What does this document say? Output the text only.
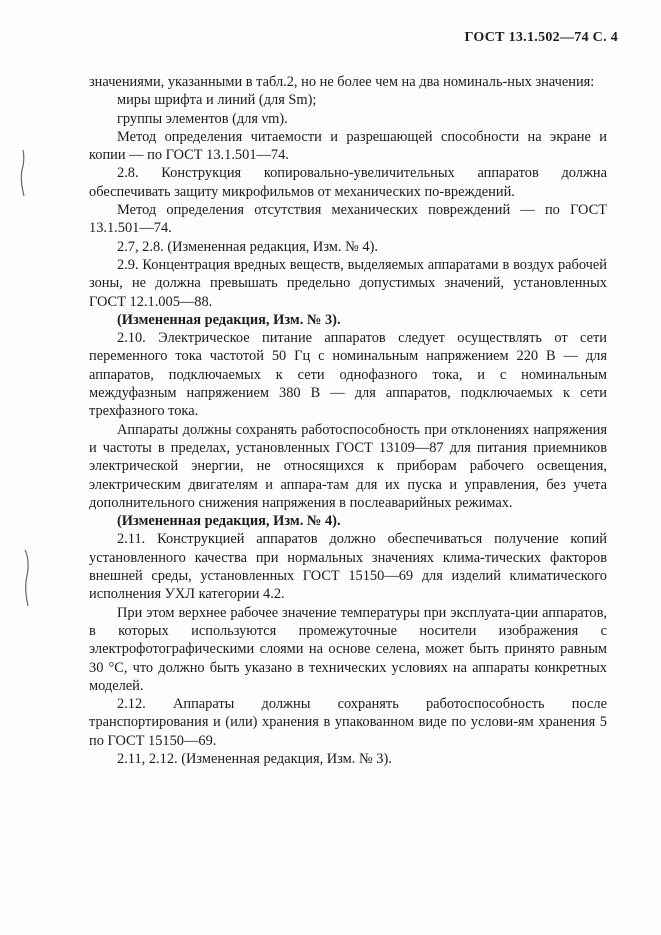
ГОСТ 13.1.502—74 С. 4

значениями, указанными в табл.2, но не более чем на два номиналь-ных значения:

миры шрифта и линий (для Sm);

группы элементов (для νm).

Метод определения читаемости и разрешающей способности на экране и копии — по ГОСТ 13.1.501—74.

2.8. Конструкция копировально-увеличительных аппаратов должна обеспечивать защиту микрофильмов от механических по-вреждений.

Метод определения отсутствия механических повреждений — по ГОСТ 13.1.501—74.

2.7, 2.8. (Измененная редакция, Изм. № 4).

2.9. Концентрация вредных веществ, выделяемых аппаратами в воздух рабочей зоны, не должна превышать предельно допустимых значений, установленных ГОСТ 12.1.005—88.

(Измененная редакция, Изм. № 3).

2.10. Электрическое питание аппаратов следует осуществлять от сети переменного тока частотой 50 Гц с номинальным напряжением 220 В — для аппаратов, подключаемых к сети однофазного тока, и с номинальным междуфазным напряжением 380 В — для аппаратов, подключаемых к сети трехфазного тока.

Аппараты должны сохранять работоспособность при отклонениях напряжения и частоты в пределах, установленных ГОСТ 13109—87 для питания приемников электрической энергии, не относящихся к приборам рабочего освещения, электрическим двигателям и аппара-там для их пуска и управления, без учета дополнительного снижения напряжения в послеаварийных режимах.

(Измененная редакция, Изм. № 4).

2.11. Конструкцией аппаратов должно обеспечиваться получение копий установленного качества при нормальных значениях клима-тических факторов внешней среды, установленных ГОСТ 15150—69 для изделий климатического исполнения УХЛ категории 4.2.

При этом верхнее рабочее значение температуры при эксплуата-ции аппаратов, в которых используются промежуточные носители изображения с электрофотографическими слоями на основе селена, может быть принято равным 30 °С, что должно быть указано в технических условиях на аппараты конкретных моделей.

2.12. Аппараты должны сохранять работоспособность после транспортирования и (или) хранения в упакованном виде по услови-ям хранения 5 по ГОСТ 15150—69.

2.11, 2.12. (Измененная редакция, Изм. № 3).
